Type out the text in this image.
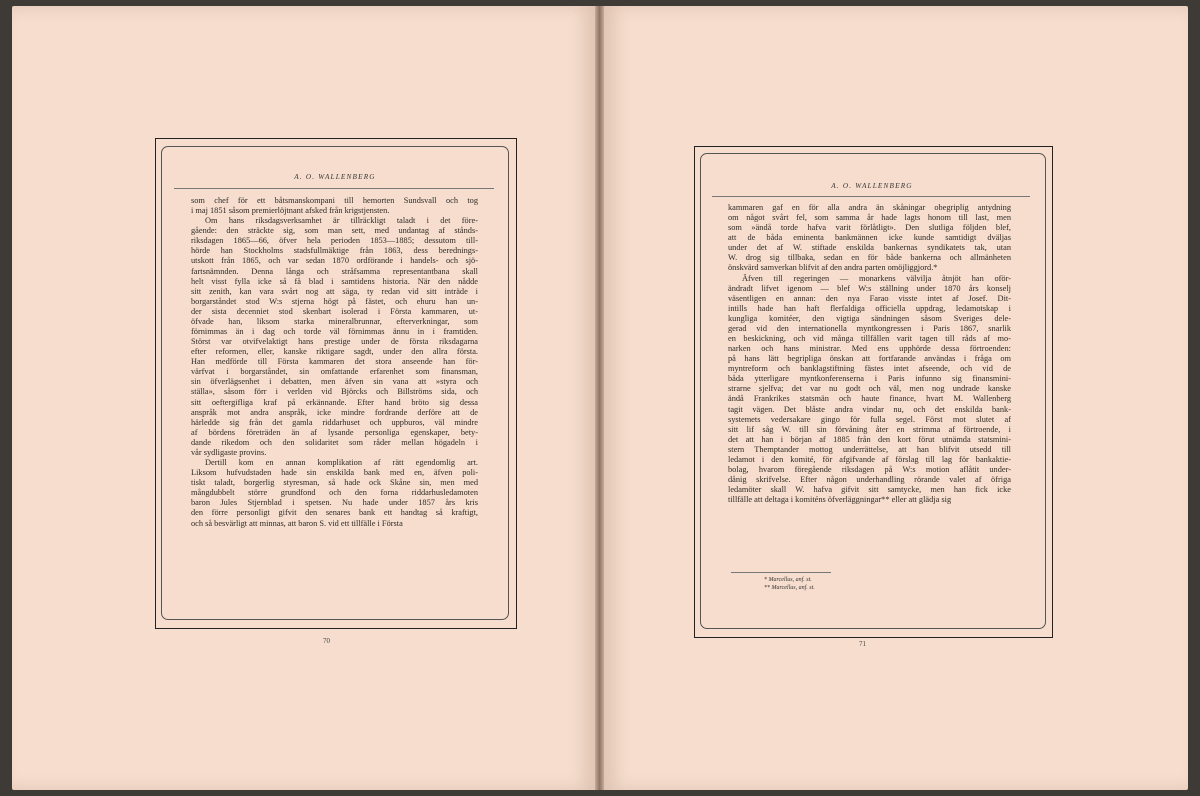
A. O. WALLENBERG
som chef för ett båtsmanskompani till hemorten Sundsvall och tog
i maj 1851 såsom premierlöjtnant afsked från krigstjensten.
Om hans riksdagsverksamhet är tillräckligt taladt i det före-
gående: den sträckte sig, som man sett, med undantag af stånds-
riksdagen 1865—66, öfver hela perioden 1853—1885; dessutom till-
hörde han Stockholms stadsfullmäktige från 1863, dess berednings-
utskott från 1865, och var sedan 1870 ordförande i handels- och sjö-
fartsnämnden. Denna långa och stråfsamma representantbana skall
helt visst fylla icke så få blad i samtidens historia. När den nådde
sitt zenith, kan vara svårt nog att säga, ty redan vid sitt inträde i
borgarståndet stod W:s stjerna högt på fästet, och ehuru han un-
der sista decenniet stod skenbart isolerad i Första kammaren, ut-
öfvade han, liksom starka mineralbrunnar, efterverkningar, som
förnimmas än i dag och torde väl förnimmas ännu in i framtiden.
Störst var otvifvelaktigt hans prestige under de första riksdagarna
efter reformen, eller, kanske riktigare sagdt, under den allra första.
Han medförde till Första kammaren det stora anseende han för-
värfvat i borgarståndet, sin omfattande erfarenhet som finansman,
sin öfverlägsenhet i debatten, men äfven sin vana att »styra och
ställa», såsom förr i verlden vid Björcks och Billströms sida, och
sitt oeftergifliga kraf på erkännande. Efter hand bröto sig dessa
anspråk mot andra anspråk, icke mindre fordrande derföre att de
härledde sig från det gamla riddarhuset och uppburos, väl mindre
af bördens företräden än af lysande personliga egenskaper, bety-
dande rikedom och den solidaritet som råder mellan högadeln i
vår sydligaste provins.
Dertill kom en annan komplikation af rätt egendomlig art.
Liksom hufvudstaden hade sin enskilda bank med en, äfven poli-
tiskt taladt, borgerlig styresman, så hade ock Skåne sin, men med
mångdubbelt större grundfond och den forna riddarhusledamoten
baron Jules Stjernblad i spetsen. Nu hade under 1857 års kris
den förre personligt gifvit den senares bank ett handtag så kraftigt,
och så besvärligt att minnas, att baron S. vid ett tillfälle i Första
70
A. O. WALLENBERG
kammaren gaf en för alla andra än skåningar obegriplig antydning
om något svårt fel, som samma år hade lagts honom till last, men
som »ändå torde hafva varit förlåtligt». Den slutliga följden blef,
att de båda eminenta bankmännen icke kunde samtidigt dväljas
under det af W. stiftade enskilda bankernas syndikatets tak, utan
W. drog sig tillbaka, sedan en för både bankerna och allmänheten
önskvärd samverkan blifvit af den andra parten omöjliggjord.*
Äfven till regeringen — monarkens välvilja åtnjöt han oför-
ändradt lifvet igenom — blef W:s ställning under 1870 års konselj
väsentligen en annan: den nya Farao visste intet af Josef. Dit-
intills hade han haft flerfaldiga officiella uppdrag, ledamotskap i
kungliga komitéer, den vigtiga sändningen såsom Sveriges dele-
gerad vid den internationella myntkongressen i Paris 1867, snarlik
en beskickning, och vid många tillfällen varit tagen till råds af mo-
narken och hans ministrar. Med ens upphörde dessa förtroenden:
på hans lätt begripliga önskan att fortfarande användas i fråga om
myntreform och banklagstiftning fästes intet afseende, och vid de
båda ytterligare myntkonferenserna i Paris infunno sig finansmini-
strarne sjelfva; det var nu godt och väl, men nog undrade kanske
ändå Frankrikes statsmän och haute finance, hvart M. Wallenberg
tagit vägen. Det blåste andra vindar nu, och det enskilda bank-
systemets vedersakare gingo för fulla segel. Först mot slutet af
sitt lif såg W. till sin förvåning åter en strimma af förtroende, i
det att han i början af 1885 från den kort förut utnämda statsmini-
stern Themptander mottog underrättelse, att han blifvit utsedd till
ledamot i den komité, för afgifvande af förslag till lag för bankaktie-
bolag, hvarom föregående riksdagen på W:s motion aflåtit under-
dånig skrifvelse. Efter någon underhandling rörande valet af öfriga
ledamöter skall W. hafva gifvit sitt samtycke, men han fick icke
tillfälle att deltaga i komiténs öfverläggningar** eller att glädja sig
* Marcellus, anf. st.
** Marcellus, anf. st.
71
